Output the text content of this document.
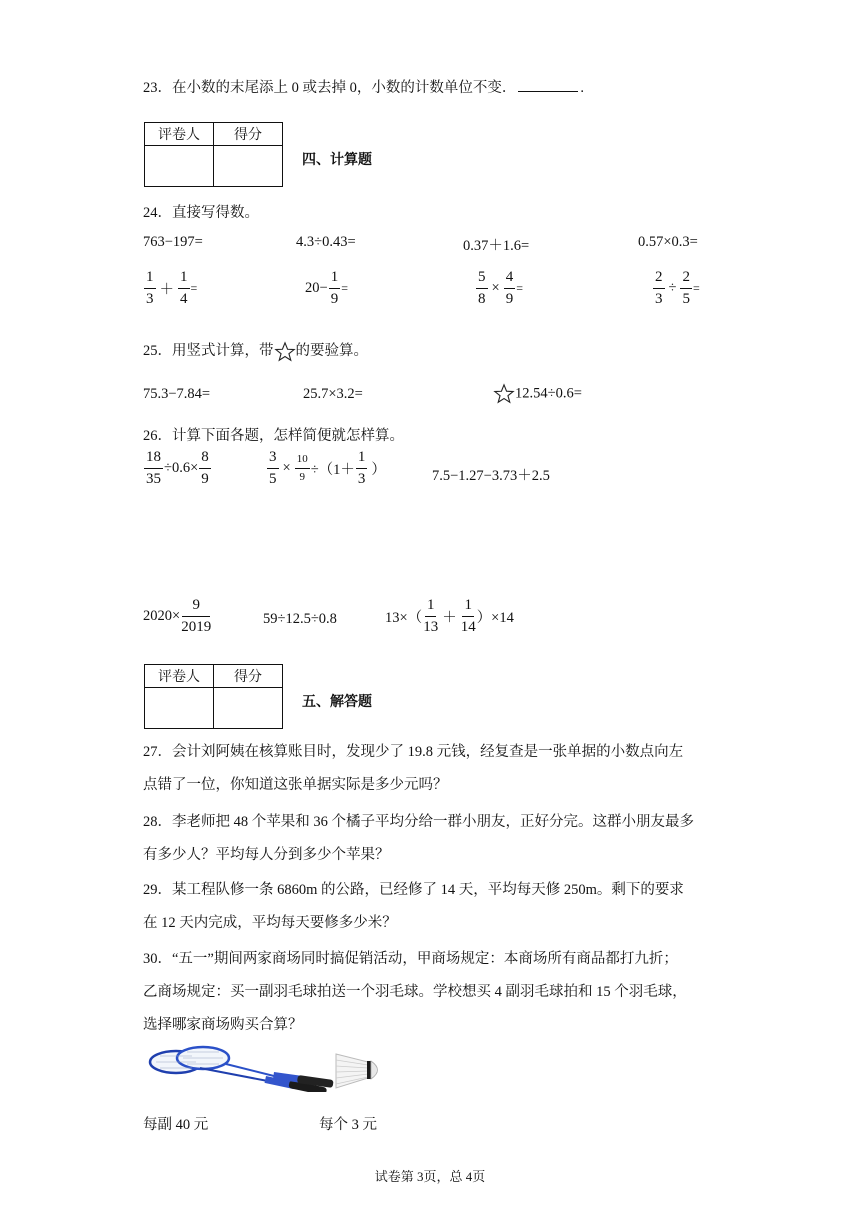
23．在小数的末尾添上 0 或去掉 0，小数的计数单位不变．	.
评卷人	得分

四、计算题
24．直接写得数。
763−197=	4.3÷0.43=	0.37＋1.6=	0.57×0.3=
$\frac{1}{3} + \frac{1}{4}$ =	$20- \frac{1}{9}$ =	$\frac{5}{8} \times \frac{4}{9}$ =	$\frac{2}{3} \div \frac{2}{5}$ =
25．用竖式计算，带 的要验算。
75.3−7.84=	25.7×3.2=	12.54÷0.6=
26．计算下面各题，怎样简便就怎样算。
$\frac{18}{35} \div 0.6\times \frac{8}{9}$	$\frac{3}{5} \times \frac{10}{9} \div(1+ \frac{1}{3}$ ）	7.5−1.27−3.73＋2.5
$2020\times \frac{9}{2019}$	59÷12.5÷0.8	$13\times( \frac{1}{13} + \frac{1}{14} )\times 14$
评卷人	得分

五、解答题
27．会计刘阿姨在核算账目时，发现少了 19.8 元钱，经复查是一张单据的小数点向左
点错了一位，你知道这张单据实际是多少元吗？
28．李老师把 48 个苹果和 36 个橘子平均分给一群小朋友，正好分完。这群小朋友最多
有多少人？平均每人分到多少个苹果？
29．某工程队修一条 6860m 的公路，已经修了 14 天，平均每天修 250m。剩下的要求
在 12 天内完成，平均每天要修多少米？
30．“五一”期间两家商场同时搞促销活动，甲商场规定：本商场所有商品都打九折；
乙商场规定：买一副羽毛球拍送一个羽毛球。学校想买 4 副羽毛球拍和 15 个羽毛球，
选择哪家商场购买合算？
每副 40 元	每个 3 元
试卷第 3页，总 4页
